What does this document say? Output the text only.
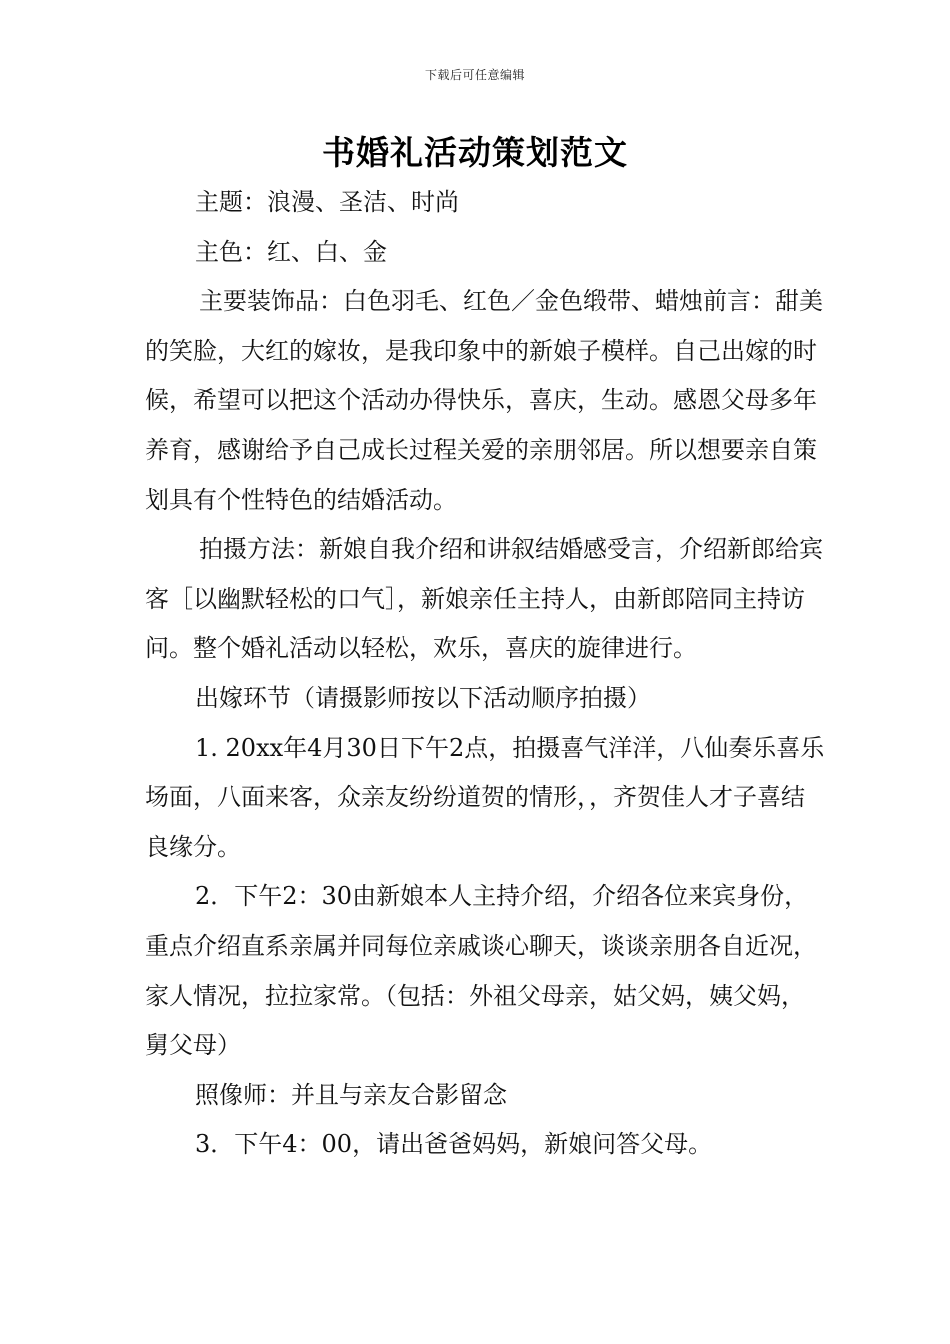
下载后可任意编辑
书婚礼活动策划范文

主题：浪漫、圣洁、时尚

主色：红、白、金

主要装饰品：白色羽毛、红色／金色缎带、蜡烛前言：甜美的笑脸，大红的嫁妆，是我印象中的新娘子模样。自己出嫁的时候，希望可以把这个活动办得快乐，喜庆，生动。感恩父母多年养育，感谢给予自己成长过程关爱的亲朋邻居。所以想要亲自策划具有个性特色的结婚活动。

拍摄方法：新娘自我介绍和讲叙结婚感受言，介绍新郎给宾客［以幽默轻松的口气］，新娘亲任主持人，由新郎陪同主持访问。整个婚礼活动以轻松，欢乐，喜庆的旋律进行。

出嫁环节（请摄影师按以下活动顺序拍摄）

1. 20xx年4月30日下午2点，拍摄喜气洋洋，八仙奏乐喜乐场面，八面来客，众亲友纷纷道贺的情形，，齐贺佳人才子喜结良缘分。

2．下午2：30由新娘本人主持介绍，介绍各位来宾身份，重点介绍直系亲属并同每位亲戚谈心聊天，谈谈亲朋各自近况，家人情况，拉拉家常。（包括：外祖父母亲，姑父妈，姨父妈，舅父母）

照像师：并且与亲友合影留念

3．下午4：00，请出爸爸妈妈，新娘问答父母。
